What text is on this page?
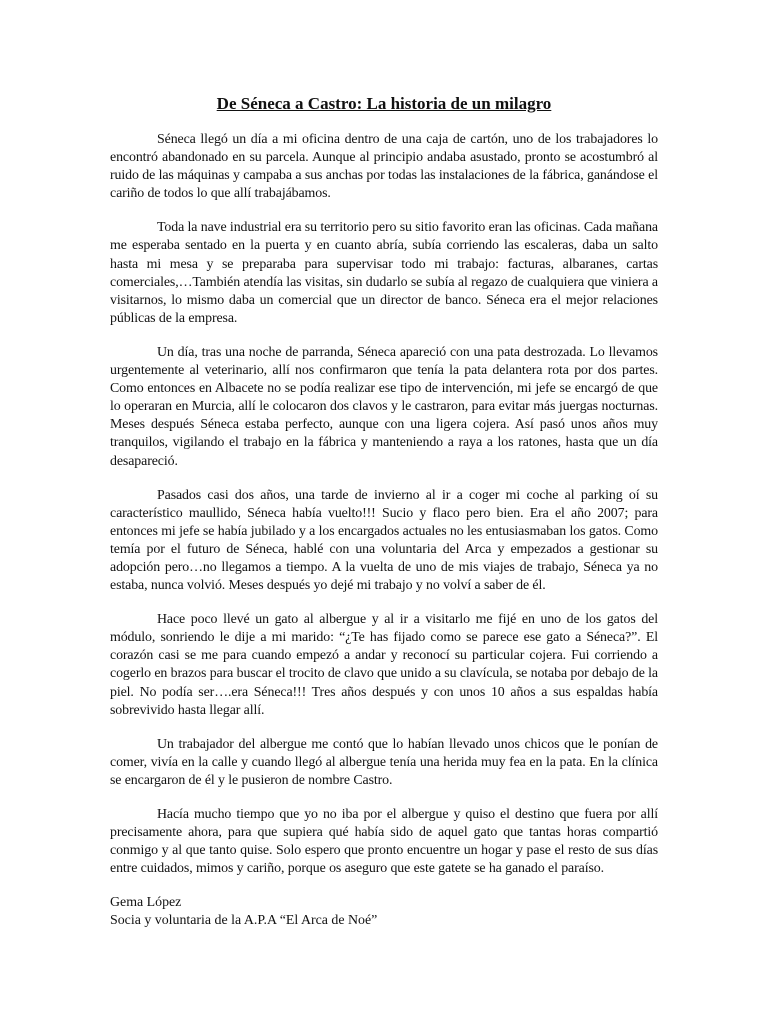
De Séneca a Castro: La historia de un milagro

Séneca llegó un día a mi oficina dentro de una caja de cartón, uno de los trabajadores lo encontró abandonado en su parcela. Aunque al principio andaba asustado, pronto se acostumbró al ruido de las máquinas y campaba a sus anchas por todas las instalaciones de la fábrica, ganándose el cariño de todos lo que allí trabajábamos.

Toda la nave industrial era su territorio pero su sitio favorito eran las oficinas. Cada mañana me esperaba sentado en la puerta y en cuanto abría, subía corriendo las escaleras, daba un salto hasta mi mesa y se preparaba para supervisar todo mi trabajo: facturas, albaranes, cartas comerciales,…También atendía las visitas, sin dudarlo se subía al regazo de cualquiera que viniera a visitarnos, lo mismo daba un comercial que un director de banco. Séneca era el mejor relaciones públicas de la empresa.

Un día, tras una noche de parranda, Séneca apareció con una pata destrozada. Lo llevamos urgentemente al veterinario, allí nos confirmaron que tenía la pata delantera rota por dos partes. Como entonces en Albacete no se podía realizar ese tipo de intervención, mi jefe se encargó de que lo operaran en Murcia, allí le colocaron dos clavos y le castraron, para evitar más juergas nocturnas. Meses después Séneca estaba perfecto, aunque con una ligera cojera. Así pasó unos años muy tranquilos, vigilando el trabajo en la fábrica y manteniendo a raya a los ratones, hasta que un día desapareció.

Pasados casi dos años, una tarde de invierno al ir a coger mi coche al parking oí su característico maullido, Séneca había vuelto!!! Sucio y flaco pero bien. Era el año 2007; para entonces mi jefe se había jubilado y a los encargados actuales no les entusiasmaban los gatos. Como temía por el futuro de Séneca, hablé con una voluntaria del Arca y empezados a gestionar su adopción pero…no llegamos a tiempo. A la vuelta de uno de mis viajes de trabajo, Séneca ya no estaba, nunca volvió. Meses después yo dejé mi trabajo y no volví a saber de él.

Hace poco llevé un gato al albergue y al ir a visitarlo me fijé en uno de los gatos del módulo, sonriendo le dije a mi marido: “¿Te has fijado como se parece ese gato a Séneca?”. El corazón casi se me para cuando empezó a andar y reconocí su particular cojera. Fui corriendo a cogerlo en brazos para buscar el trocito de clavo que unido a su clavícula, se notaba por debajo de la piel. No podía ser….era Séneca!!! Tres años después y con unos 10 años a sus espaldas había sobrevivido hasta llegar allí.

Un trabajador del albergue me contó que lo habían llevado unos chicos que le ponían de comer, vivía en la calle y cuando llegó al albergue tenía una herida muy fea en la pata. En la clínica se encargaron de él y le pusieron de nombre Castro.

Hacía mucho tiempo que yo no iba por el albergue y quiso el destino que fuera por allí precisamente ahora, para que supiera qué había sido de aquel gato que tantas horas compartió conmigo y al que tanto quise. Solo espero que pronto encuentre un hogar y pase el resto de sus días entre cuidados, mimos y cariño, porque os aseguro que este gatete se ha ganado el paraíso.

Gema López

Socia y voluntaria de la A.P.A “El Arca de Noé”
